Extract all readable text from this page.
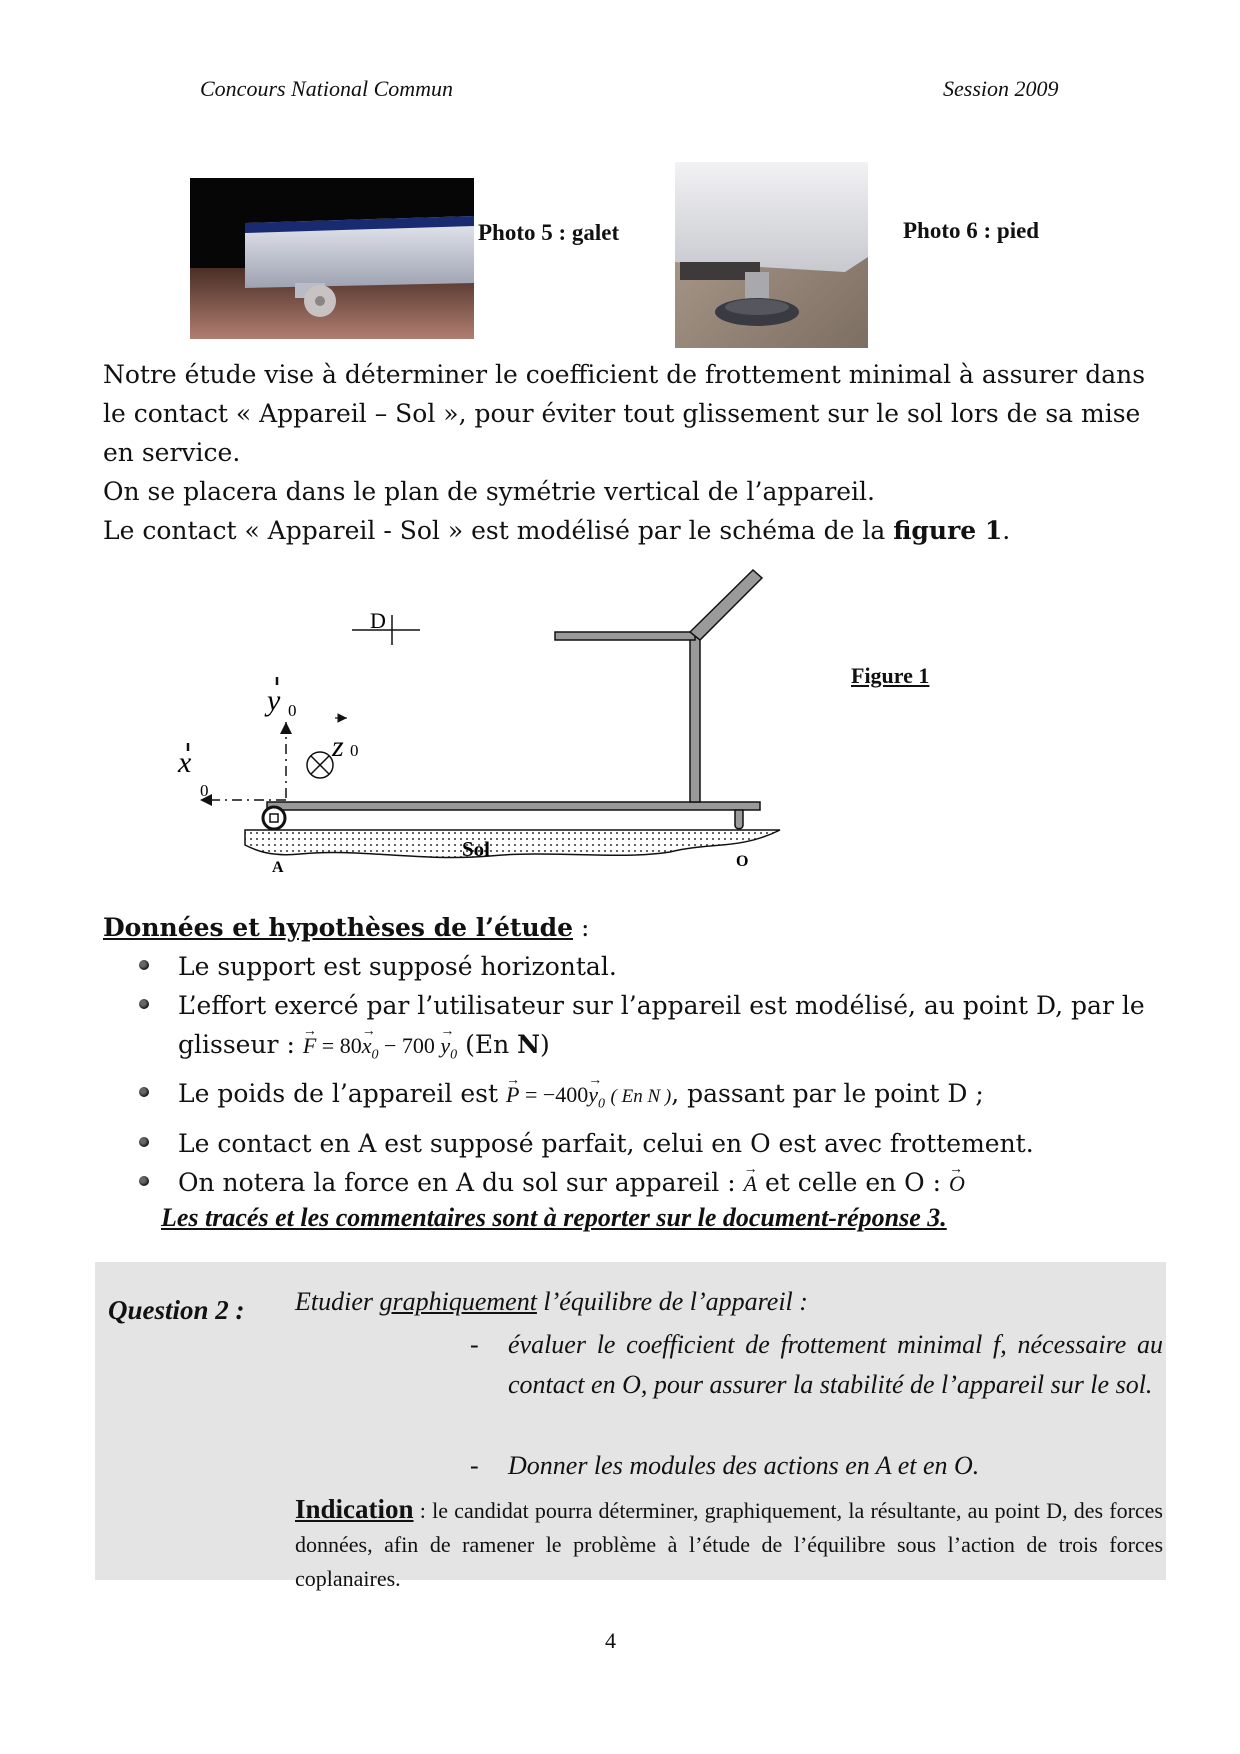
Concours National Commun	Session 2009
Photo 5 : galet	Photo 6 : pied

Notre étude vise à déterminer le coefficient de frottement minimal à assurer dans le contact « Appareil – Sol », pour éviter tout glissement sur le sol lors de sa mise en service.

On se placera dans le plan de symétrie vertical de l’appareil.

Le contact « Appareil - Sol » est modélisé par le schéma de la figure 1.

Sol
D
y 0
x
0
z 0
A	O
Figure 1
Données et hypothèses de l’étude :
Le support est supposé horizontal.
L’effort exercé par l’utilisateur sur l’appareil est modélisé, au point D, par le glisseur : → $F = 80\to x_0 - 700 \to y_0$ (En N)
Le poids de l’appareil est → $P = -400\to y_0$ ( En N ), passant par le point D ;
Le contact en A est supposé parfait, celui en O est avec frottement.
On notera la force en A du sol sur appareil : → A et celle en O : → O
Les tracés et les commentaires sont à reporter sur le document-réponse 3.
Question 2 : Etudier graphiquement l’équilibre de l’appareil :
- évaluer le coefficient de frottement minimal f, nécessaire au contact en O, pour assurer la stabilité de l’appareil sur le sol.
- Donner les modules des actions en A et en O.
Indication : le candidat pourra déterminer, graphiquement, la résultante, au point D, des forces données, afin de ramener le problème à l’étude de l’équilibre sous l’action de trois forces coplanaires.
4
